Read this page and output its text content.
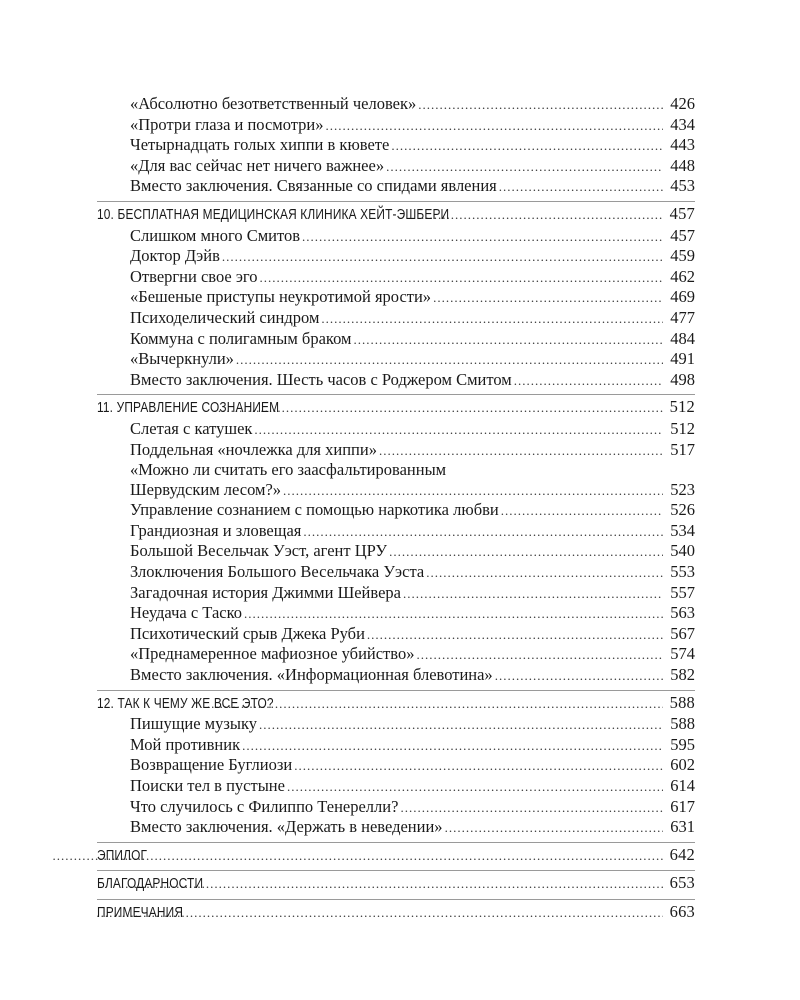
«Абсолютно безответственный человек» .....	426
«Протри глаза и посмотри» .....	434
Четырнадцать голых хиппи в кювете .....	443
«Для вас сейчас нет ничего важнее» .....	448
Вместо заключения. Связанные со спидами явления .....	453
10. БЕСПЛАТНАЯ МЕДИЦИНСКАЯ КЛИНИКА ХЕЙТ-ЭШБЕРИ .....	457
Слишком много Смитов .....	457
Доктор Дэйв .....	459
Отвергни свое эго .....	462
«Бешеные приступы неукротимой ярости» .....	469
Психоделический синдром .....	477
Коммуна с полигамным браком .....	484
«Вычеркнули» .....	491
Вместо заключения. Шесть часов с Роджером Смитом .....	498
11. УПРАВЛЕНИЕ СОЗНАНИЕМ .....	512
Слетая с катушек .....	512
Поддельная «ночлежка для хиппи» .....	517
«Можно ли считать его заасфальтированным
Шервудским лесом?» .....	523
Управление сознанием с помощью наркотика любви .....	526
Грандиозная и зловещая .....	534
Большой Весельчак Уэст, агент ЦРУ .....	540
Злоключения Большого Весельчака Уэста .....	553
Загадочная история Джимми Шейвера .....	557
Неудача с Таско .....	563
Психотический срыв Джека Руби .....	567
«Преднамеренное мафиозное убийство» .....	574
Вместо заключения. «Информационная блевотина» .....	582
12. ТАК К ЧЕМУ ЖЕ ВСЕ ЭТО? .....	588
Пишущие музыку .....	588
Мой противник .....	595
Возвращение Буглиози .....	602
Поиски тел в пустыне .....	614
Что случилось с Филиппо Тенерелли? .....	617
Вместо заключения. «Держать в неведении» .....	631
ЭПИЛОГ .....	642
БЛАГОДАРНОСТИ .....	653
ПРИМЕЧАНИЯ .....	663
